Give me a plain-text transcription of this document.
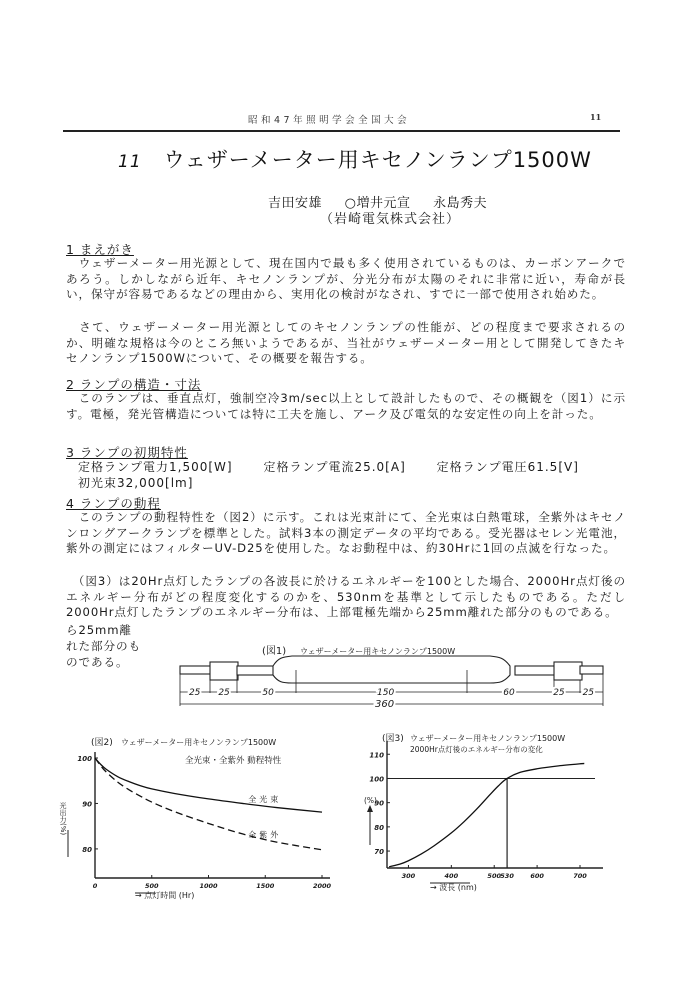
昭和47年照明学会全国大会	11
11 ウェザーメーター用キセノンランプ1500W
吉田安雄 ○増井元宣 永島秀夫
（岩崎電気株式会社）
1 まえがき
　ウェザーメーター用光源として、現在国内で最も多く使用されているものは、カーボンアークであろう。しかしながら近年、キセノンランプが、分光分布が太陽のそれに非常に近い，寿命が長い，保守が容易であるなどの理由から、実用化の検討がなされ、すでに一部で使用され始めた。
　さて、ウェザーメーター用光源としてのキセノンランプの性能が、どの程度まで要求されるのか、明確な規格は今のところ無いようであるが、当社がウェザーメーター用として開発してきたキセノンランプ1500Wについて、その概要を報告する。
2 ランプの構造・寸法
　このランプは、垂直点灯，強制空冷3m/sec以上として設計したもので、その概観を（図1）に示す。電極，発光管構造については特に工夫を施し、アーク及び電気的な安定性の向上を計った。
3 ランプの初期特性
定格ランプ電力1,500[W]	定格ランプ電流25.0[A]	定格ランプ電圧61.5[V]
初光束32,000[lm]
4 ランプの動程
　このランプの動程特性を（図2）に示す。これは光束計にて、全光束は白熱電球，全紫外はキセノンロングアークランプを標準とした。試料3本の測定データの平均である。受光器はセレン光電池，紫外の測定にはフィルターUV-D25を使用した。なお動程中は、約30Hrに1回の点滅を行なった。
　（図3）は20Hr点灯したランプの各波長に於けるエネルギーを100とした場合、2000Hr点灯後のエネルギー分布がどの程度変化するのかを、530nmを基準として示したものである。ただし2000Hr点灯したランプのエネルギー分布は、上部電極先端から25mm離れた部分のものである。
ら25mm離
れた部分のも
のである。
(図1) ウェザーメーター用キセノンランプ1500W
25 25	50	150	60	25 25
360
(図2) ウェザーメーター用キセノンランプ1500W
全光束・全紫外 動程特性
光出力(%)
80
90
100
0	500	1000	1500	2000
全光束
全紫外
→ 点灯時間 (Hr)
(図3) ウェザーメーター用キセノンランプ1500W
2000Hr点灯後のエネルギー分布の変化
(%)
70
80
90
100
110
300	400	500 530	600	700
→ 波長 (nm)
